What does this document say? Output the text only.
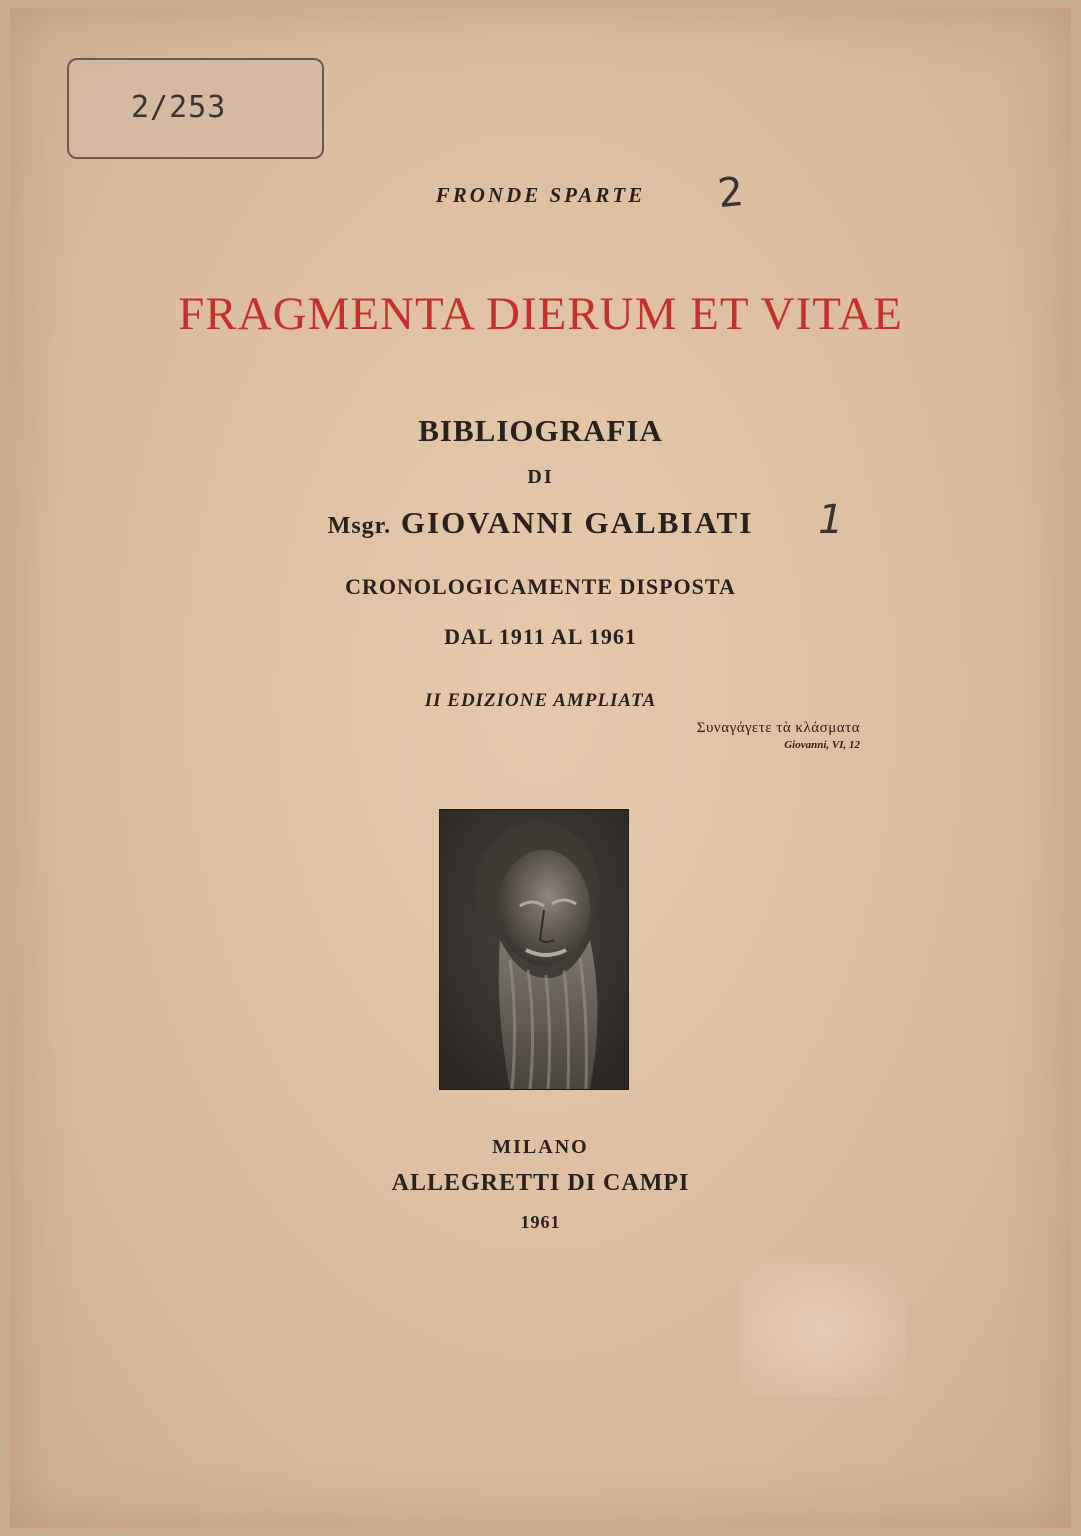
2/253
FRONDE SPARTE	2
FRAGMENTA DIERUM ET VITAE
BIBLIOGRAFIA
DI
Msgr. GIOVANNI GALBIATI	1
CRONOLOGICAMENTE DISPOSTA
DAL 1911 AL 1961
II EDIZIONE AMPLIATA
Συναγάγετε τὰ κλάσματα
Giovanni, VI, 12
MILANO
ALLEGRETTI DI CAMPI
1961
